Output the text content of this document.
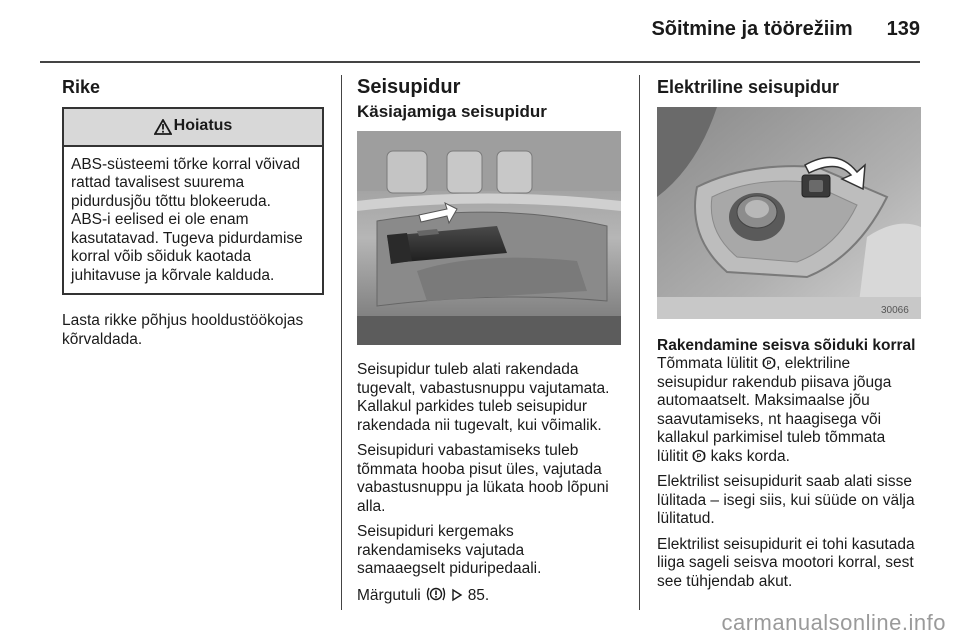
Sõitmine ja töörežiim 139
Rike
Hoiatus
ABS-süsteemi tõrke korral võivad
rattad tavalisest suurema
pidurdusjõu tõttu blokeeruda.
ABS-i eelised ei ole enam
kasutatavad. Tugeva pidurdamise
korral võib sõiduk kaotada
juhitavuse ja kõrvale kalduda.

Lasta rikke põhjus hooldustöökojas
kõrvaldada.

Seisupidur
Käsiajamiga seisupidur

Seisupidur tuleb alati rakendada
tugevalt, vabastusnuppu vajutamata.
Kallakul parkides tuleb seisupidur
rakendada nii tugevalt, kui võimalik.

Seisupiduri vabastamiseks tuleb
tõmmata hooba pisut üles, vajutada
vabastusnuppu ja lükata hoob lõpuni
alla.

Seisupiduri kergemaks
rakendamiseks vajutada
samaaegselt piduripedaali.

Märgutuli	85.

Elektriline seisupidur
30066
Rakendamine seisva sõiduki korral

Tõmmata lülitit P , elektriline
seisupidur rakendub piisava jõuga
automaatselt. Maksimaalse jõu
saavutamiseks, nt haagisega või
kallakul parkimisel tuleb tõmmata
lülitit P kaks korda.

Elektrilist seisupidurit saab alati sisse
lülitada – isegi siis, kui süüde on välja
lülitatud.

Elektrilist seisupidurit ei tohi kasutada
liiga sageli seisva mootori korral, sest
see tühjendab akut.

carmanualsonline.info
